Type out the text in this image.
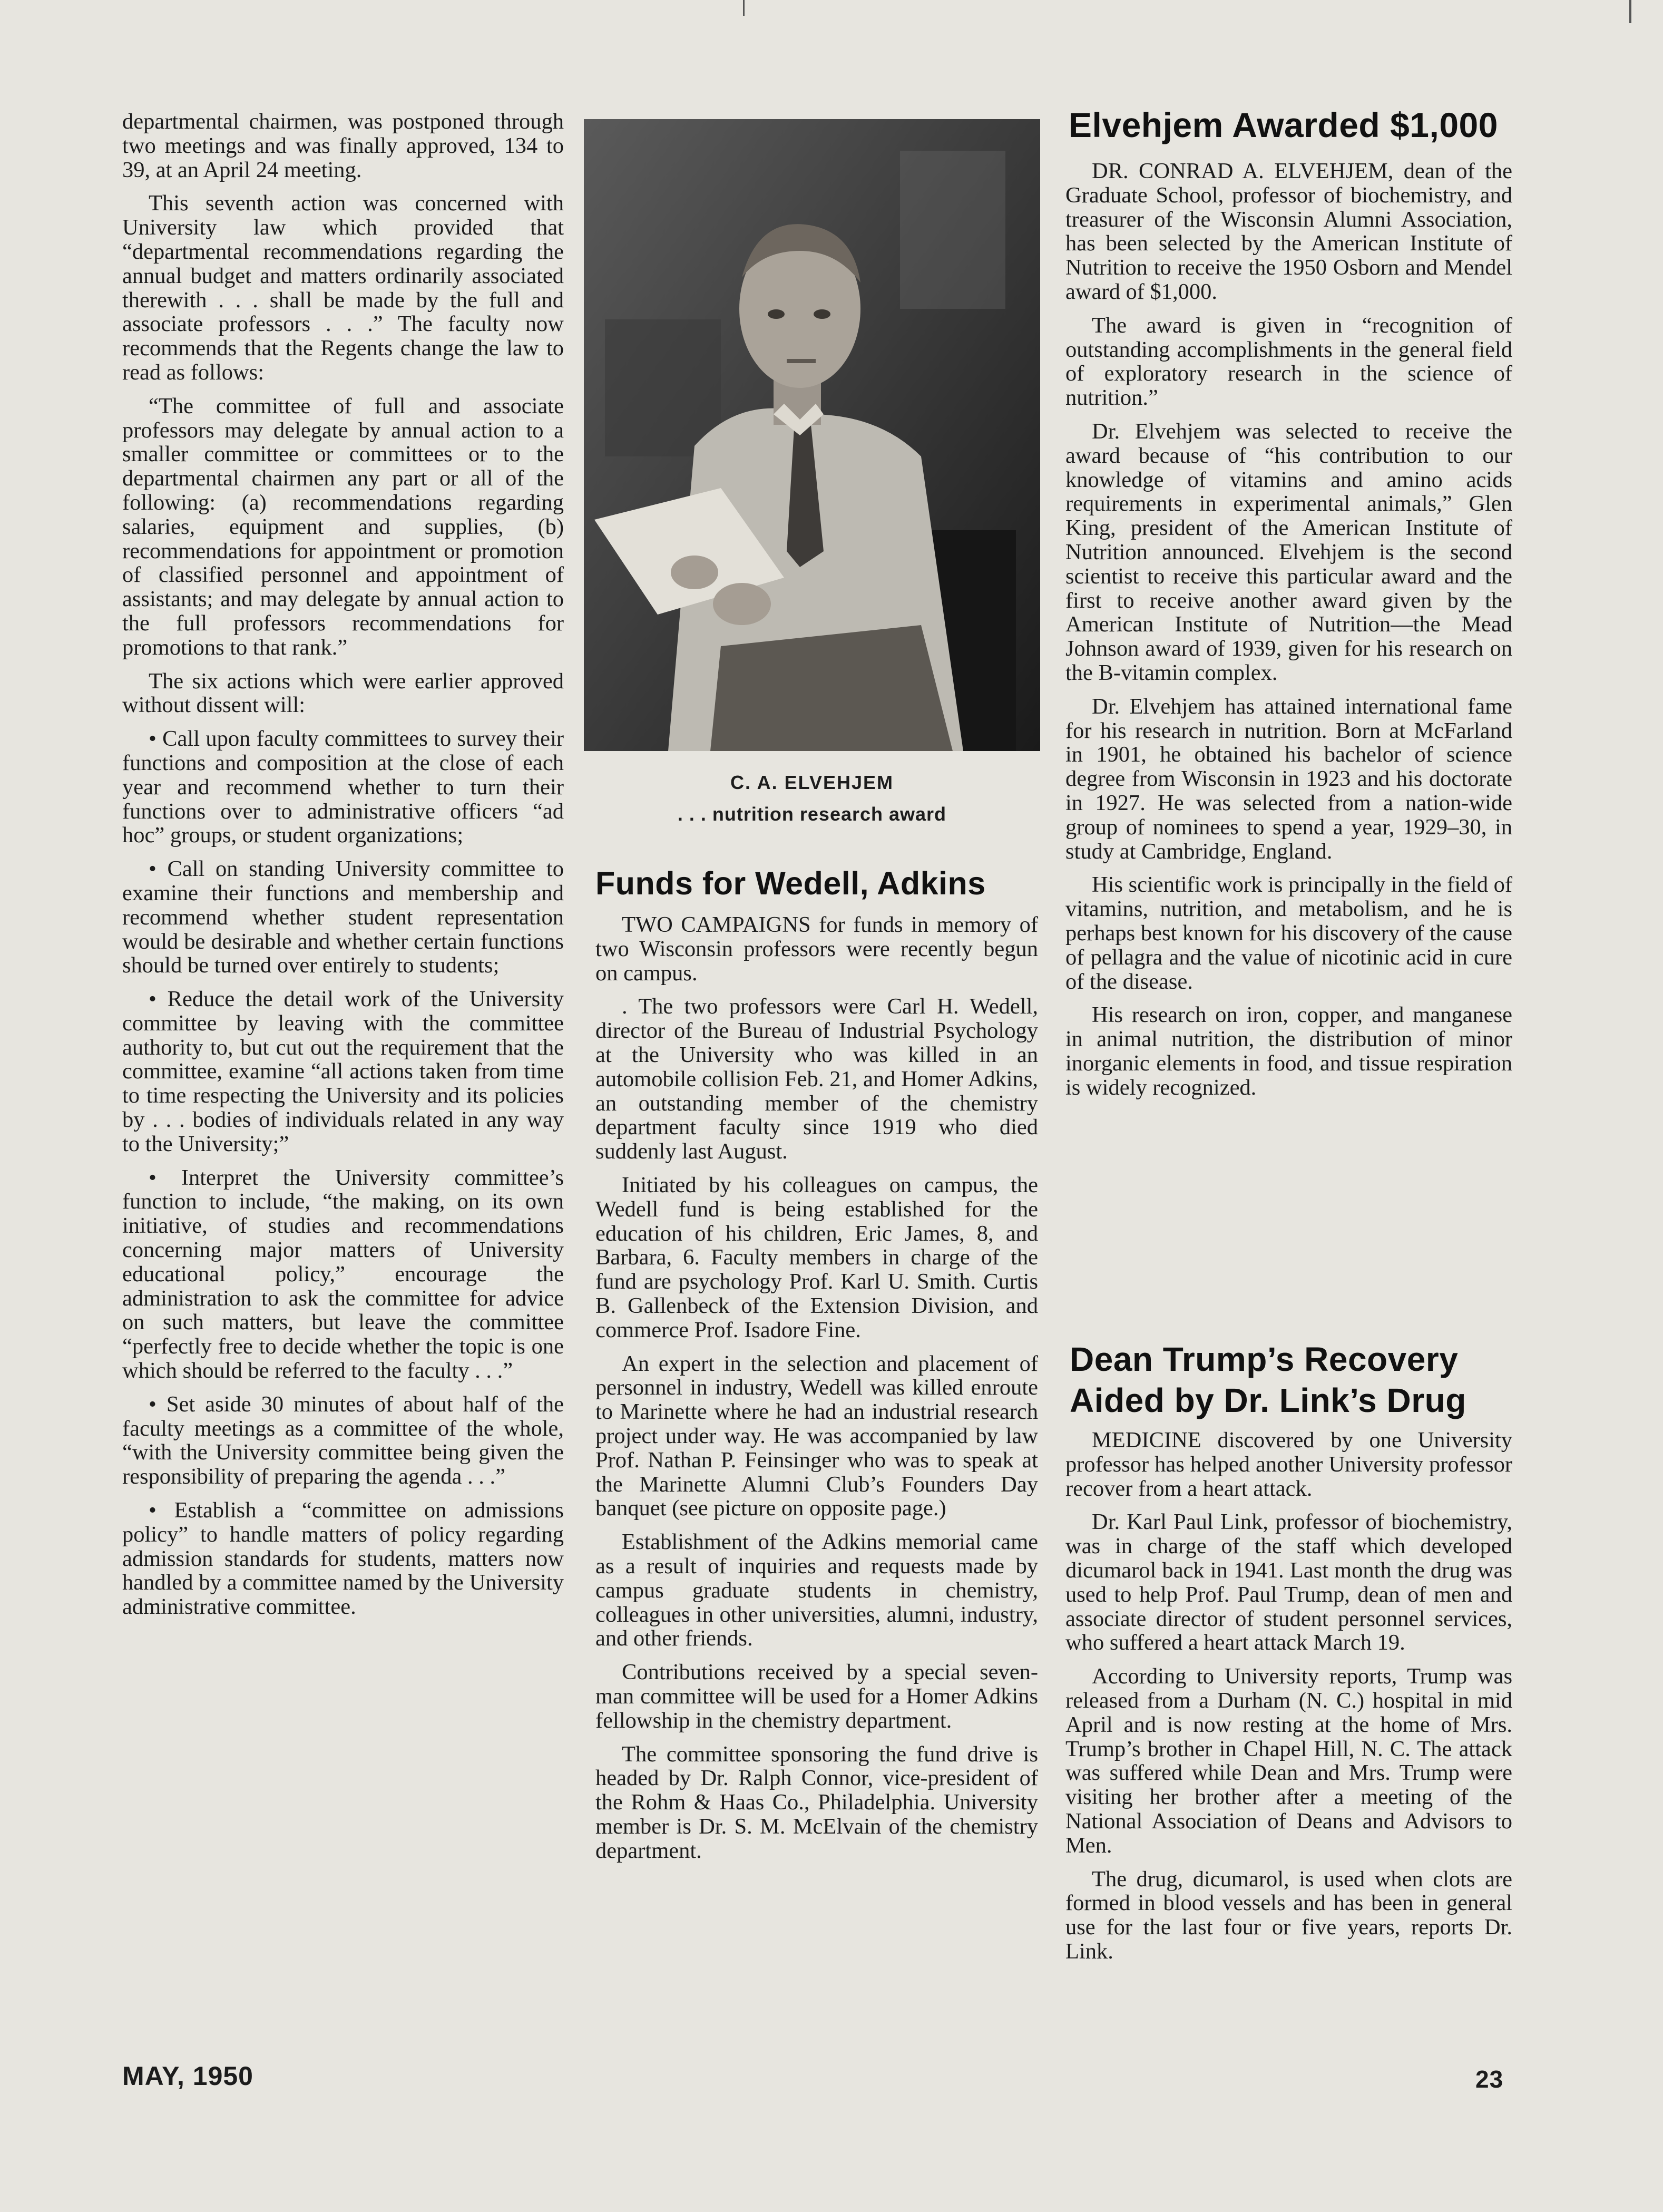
departmental chairmen, was postponed through two meetings and was finally approved, 134 to 39, at an April 24 meeting.

This seventh action was concerned with University law which provided that “departmental recommendations regarding the annual budget and matters ordinarily associated therewith . . . shall be made by the full and associate professors . . .” The faculty now recommends that the Regents change the law to read as follows:

“The committee of full and associate professors may delegate by annual action to a smaller committee or committees or to the departmental chairmen any part or all of the following: (a) recommendations regarding salaries, equipment and supplies, (b) recommendations for appointment or promotion of classified personnel and appointment of assistants; and may delegate by annual action to the full professors recommendations for promotions to that rank.”

The six actions which were earlier approved without dissent will:

• Call upon faculty committees to survey their functions and composition at the close of each year and recommend whether to turn their functions over to administrative officers “ad hoc” groups, or student organizations;

• Call on standing University committee to examine their functions and membership and recommend whether student representation would be desirable and whether certain functions should be turned over entirely to students;

• Reduce the detail work of the University committee by leaving with the committee authority to, but cut out the requirement that the committee, examine “all actions taken from time to time respecting the University and its policies by . . . bodies of individuals related in any way to the University;”

• Interpret the University committee’s function to include, “the making, on its own initiative, of studies and recommendations concerning major matters of University educational policy,” encourage the administration to ask the committee for advice on such matters, but leave the committee “perfectly free to decide whether the topic is one which should be referred to the faculty . . .”

• Set aside 30 minutes of about half of the faculty meetings as a committee of the whole, “with the University committee being given the responsibility of preparing the agenda . . .”

• Establish a “committee on admissions policy” to handle matters of policy regarding admission standards for students, matters now handled by a committee named by the University administrative committee.

C. A. ELVEHJEM
. . . nutrition research award
Funds for Wedell, Adkins

TWO CAMPAIGNS for funds in memory of two Wisconsin professors were recently begun on campus.

. The two professors were Carl H. Wedell, director of the Bureau of Industrial Psychology at the University who was killed in an automobile collision Feb. 21, and Homer Adkins, an outstanding member of the chemistry department faculty since 1919 who died suddenly last August.

Initiated by his colleagues on campus, the Wedell fund is being established for the education of his children, Eric James, 8, and Barbara, 6. Faculty members in charge of the fund are psychology Prof. Karl U. Smith. Curtis B. Gallenbeck of the Extension Division, and commerce Prof. Isadore Fine.

An expert in the selection and placement of personnel in industry, Wedell was killed enroute to Marinette where he had an industrial research project under way. He was accompanied by law Prof. Nathan P. Feinsinger who was to speak at the Marinette Alumni Club’s Founders Day banquet (see picture on opposite page.)

Establishment of the Adkins memorial came as a result of inquiries and requests made by campus graduate students in chemistry, colleagues in other universities, alumni, industry, and other friends.

Contributions received by a special seven-man committee will be used for a Homer Adkins fellowship in the chemistry department.

The committee sponsoring the fund drive is headed by Dr. Ralph Connor, vice-president of the Rohm & Haas Co., Philadelphia. University member is Dr. S. M. McElvain of the chemistry department.

Elvehjem Awarded $1,000

DR. CONRAD A. ELVEHJEM, dean of the Graduate School, professor of biochemistry, and treasurer of the Wisconsin Alumni Association, has been selected by the American Institute of Nutrition to receive the 1950 Osborn and Mendel award of $1,000.

The award is given in “recognition of outstanding accomplishments in the general field of exploratory research in the science of nutrition.”

Dr. Elvehjem was selected to receive the award because of “his contribution to our knowledge of vitamins and amino acids requirements in experimental animals,” Glen King, president of the American Institute of Nutrition announced. Elvehjem is the second scientist to receive this particular award and the first to receive another award given by the American Institute of Nutrition—the Mead Johnson award of 1939, given for his research on the B-vitamin complex.

Dr. Elvehjem has attained international fame for his research in nutrition. Born at McFarland in 1901, he obtained his bachelor of science degree from Wisconsin in 1923 and his doctorate in 1927. He was selected from a nation-wide group of nominees to spend a year, 1929–30, in study at Cambridge, England.

His scientific work is principally in the field of vitamins, nutrition, and metabolism, and he is perhaps best known for his discovery of the cause of pellagra and the value of nicotinic acid in cure of the disease.

His research on iron, copper, and manganese in animal nutrition, the distribution of minor inorganic elements in food, and tissue respiration is widely recognized.

Dean Trump’s Recovery
Aided by Dr. Link’s Drug

MEDICINE discovered by one University professor has helped another University professor recover from a heart attack.

Dr. Karl Paul Link, professor of biochemistry, was in charge of the staff which developed dicumarol back in 1941. Last month the drug was used to help Prof. Paul Trump, dean of men and associate director of student personnel services, who suffered a heart attack March 19.

According to University reports, Trump was released from a Durham (N. C.) hospital in mid April and is now resting at the home of Mrs. Trump’s brother in Chapel Hill, N. C. The attack was suffered while Dean and Mrs. Trump were visiting her brother after a meeting of the National Association of Deans and Advisors to Men.

The drug, dicumarol, is used when clots are formed in blood vessels and has been in general use for the last four or five years, reports Dr. Link.

MAY, 1950	23
